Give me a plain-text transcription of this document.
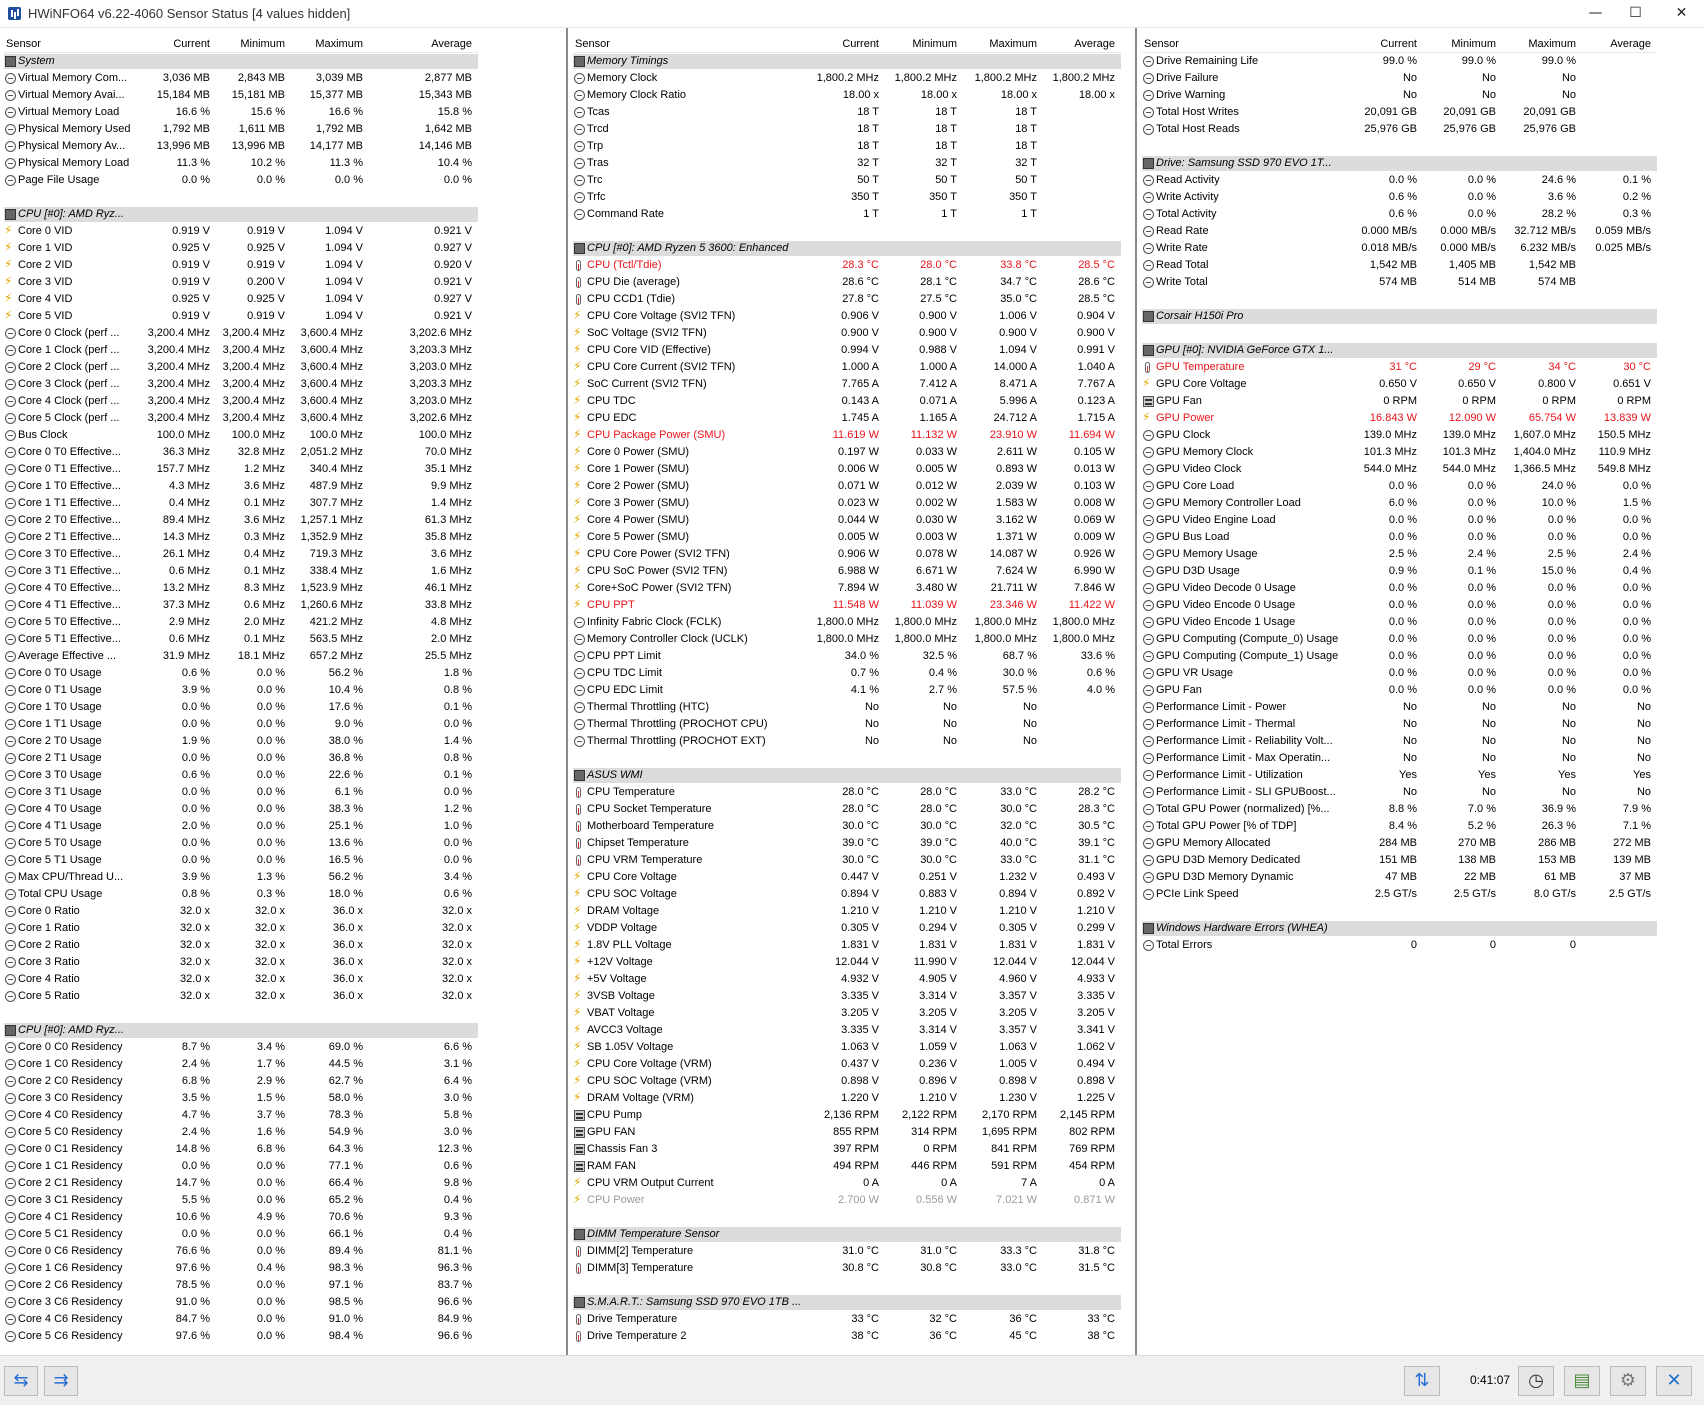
HWiNFO64 v6.22-4060 Sensor Status [4 values hidden]	—	☐	✕
Sensor	Current	Minimum	Maximum	Average
System
Virtual Memory Com...	3,036 MB	2,843 MB	3,039 MB	2,877 MB
Virtual Memory Avai...	15,184 MB	15,181 MB	15,377 MB	15,343 MB
Virtual Memory Load	16.6 %	15.6 %	16.6 %	15.8 %
Physical Memory Used	1,792 MB	1,611 MB	1,792 MB	1,642 MB
Physical Memory Av...	13,996 MB	13,996 MB	14,177 MB	14,146 MB
Physical Memory Load	11.3 %	10.2 %	11.3 %	10.4 %
Page File Usage	0.0 %	0.0 %	0.0 %	0.0 %
CPU [#0]: AMD Ryz...
⚡
Core 0 VID	0.919 V	0.919 V	1.094 V	0.921 V
⚡
Core 1 VID	0.925 V	0.925 V	1.094 V	0.927 V
⚡
Core 2 VID	0.919 V	0.919 V	1.094 V	0.920 V
⚡
Core 3 VID	0.919 V	0.200 V	1.094 V	0.921 V
⚡
Core 4 VID	0.925 V	0.925 V	1.094 V	0.927 V
⚡
Core 5 VID	0.919 V	0.919 V	1.094 V	0.921 V
Core 0 Clock (perf ...	3,200.4 MHz	3,200.4 MHz	3,600.4 MHz	3,202.6 MHz
Core 1 Clock (perf ...	3,200.4 MHz	3,200.4 MHz	3,600.4 MHz	3,203.3 MHz
Core 2 Clock (perf ...	3,200.4 MHz	3,200.4 MHz	3,600.4 MHz	3,203.0 MHz
Core 3 Clock (perf ...	3,200.4 MHz	3,200.4 MHz	3,600.4 MHz	3,203.3 MHz
Core 4 Clock (perf ...	3,200.4 MHz	3,200.4 MHz	3,600.4 MHz	3,203.0 MHz
Core 5 Clock (perf ...	3,200.4 MHz	3,200.4 MHz	3,600.4 MHz	3,202.6 MHz
Bus Clock	100.0 MHz	100.0 MHz	100.0 MHz	100.0 MHz
Core 0 T0 Effective...	36.3 MHz	32.8 MHz	2,051.2 MHz	70.0 MHz
Core 0 T1 Effective...	157.7 MHz	1.2 MHz	340.4 MHz	35.1 MHz
Core 1 T0 Effective...	4.3 MHz	3.6 MHz	487.9 MHz	9.9 MHz
Core 1 T1 Effective...	0.4 MHz	0.1 MHz	307.7 MHz	1.4 MHz
Core 2 T0 Effective...	89.4 MHz	3.6 MHz	1,257.1 MHz	61.3 MHz
Core 2 T1 Effective...	14.3 MHz	0.3 MHz	1,352.9 MHz	35.8 MHz
Core 3 T0 Effective...	26.1 MHz	0.4 MHz	719.3 MHz	3.6 MHz
Core 3 T1 Effective...	0.6 MHz	0.1 MHz	338.4 MHz	1.6 MHz
Core 4 T0 Effective...	13.2 MHz	8.3 MHz	1,523.9 MHz	46.1 MHz
Core 4 T1 Effective...	37.3 MHz	0.6 MHz	1,260.6 MHz	33.8 MHz
Core 5 T0 Effective...	2.9 MHz	2.0 MHz	421.2 MHz	4.8 MHz
Core 5 T1 Effective...	0.6 MHz	0.1 MHz	563.5 MHz	2.0 MHz
Average Effective ...	31.9 MHz	18.1 MHz	657.2 MHz	25.5 MHz
Core 0 T0 Usage	0.6 %	0.0 %	56.2 %	1.8 %
Core 0 T1 Usage	3.9 %	0.0 %	10.4 %	0.8 %
Core 1 T0 Usage	0.0 %	0.0 %	17.6 %	0.1 %
Core 1 T1 Usage	0.0 %	0.0 %	9.0 %	0.0 %
Core 2 T0 Usage	1.9 %	0.0 %	38.0 %	1.4 %
Core 2 T1 Usage	0.0 %	0.0 %	36.8 %	0.8 %
Core 3 T0 Usage	0.6 %	0.0 %	22.6 %	0.1 %
Core 3 T1 Usage	0.0 %	0.0 %	6.1 %	0.0 %
Core 4 T0 Usage	0.0 %	0.0 %	38.3 %	1.2 %
Core 4 T1 Usage	2.0 %	0.0 %	25.1 %	1.0 %
Core 5 T0 Usage	0.0 %	0.0 %	13.6 %	0.0 %
Core 5 T1 Usage	0.0 %	0.0 %	16.5 %	0.0 %
Max CPU/Thread U...	3.9 %	1.3 %	56.2 %	3.4 %
Total CPU Usage	0.8 %	0.3 %	18.0 %	0.6 %
Core 0 Ratio	32.0 x	32.0 x	36.0 x	32.0 x
Core 1 Ratio	32.0 x	32.0 x	36.0 x	32.0 x
Core 2 Ratio	32.0 x	32.0 x	36.0 x	32.0 x
Core 3 Ratio	32.0 x	32.0 x	36.0 x	32.0 x
Core 4 Ratio	32.0 x	32.0 x	36.0 x	32.0 x
Core 5 Ratio	32.0 x	32.0 x	36.0 x	32.0 x
CPU [#0]: AMD Ryz...
Core 0 C0 Residency	8.7 %	3.4 %	69.0 %	6.6 %
Core 1 C0 Residency	2.4 %	1.7 %	44.5 %	3.1 %
Core 2 C0 Residency	6.8 %	2.9 %	62.7 %	6.4 %
Core 3 C0 Residency	3.5 %	1.5 %	58.0 %	3.0 %
Core 4 C0 Residency	4.7 %	3.7 %	78.3 %	5.8 %
Core 5 C0 Residency	2.4 %	1.6 %	54.9 %	3.0 %
Core 0 C1 Residency	14.8 %	6.8 %	64.3 %	12.3 %
Core 1 C1 Residency	0.0 %	0.0 %	77.1 %	0.6 %
Core 2 C1 Residency	14.7 %	0.0 %	66.4 %	9.8 %
Core 3 C1 Residency	5.5 %	0.0 %	65.2 %	0.4 %
Core 4 C1 Residency	10.6 %	4.9 %	70.6 %	9.3 %
Core 5 C1 Residency	0.0 %	0.0 %	66.1 %	0.4 %
Core 0 C6 Residency	76.6 %	0.0 %	89.4 %	81.1 %
Core 1 C6 Residency	97.6 %	0.4 %	98.3 %	96.3 %
Core 2 C6 Residency	78.5 %	0.0 %	97.1 %	83.7 %
Core 3 C6 Residency	91.0 %	0.0 %	98.5 %	96.6 %
Core 4 C6 Residency	84.7 %	0.0 %	91.0 %	84.9 %
Core 5 C6 Residency	97.6 %	0.0 %	98.4 %	96.6 %
Sensor	Current	Minimum	Maximum	Average
Memory Timings
Memory Clock	1,800.2 MHz	1,800.2 MHz	1,800.2 MHz	1,800.2 MHz
Memory Clock Ratio	18.00 x	18.00 x	18.00 x	18.00 x
Tcas	18 T	18 T	18 T
Trcd	18 T	18 T	18 T
Trp	18 T	18 T	18 T
Tras	32 T	32 T	32 T
Trc	50 T	50 T	50 T
Trfc	350 T	350 T	350 T
Command Rate	1 T	1 T	1 T
CPU [#0]: AMD Ryzen 5 3600: Enhanced
CPU (Tctl/Tdie)	28.3 °C	28.0 °C	33.8 °C	28.5 °C
CPU Die (average)	28.6 °C	28.1 °C	34.7 °C	28.6 °C
CPU CCD1 (Tdie)	27.8 °C	27.5 °C	35.0 °C	28.5 °C
⚡
CPU Core Voltage (SVI2 TFN)	0.906 V	0.900 V	1.006 V	0.904 V
⚡
SoC Voltage (SVI2 TFN)	0.900 V	0.900 V	0.900 V	0.900 V
⚡
CPU Core VID (Effective)	0.994 V	0.988 V	1.094 V	0.991 V
⚡
CPU Core Current (SVI2 TFN)	1.000 A	1.000 A	14.000 A	1.040 A
⚡
SoC Current (SVI2 TFN)	7.765 A	7.412 A	8.471 A	7.767 A
⚡
CPU TDC	0.143 A	0.071 A	5.996 A	0.123 A
⚡
CPU EDC	1.745 A	1.165 A	24.712 A	1.715 A
⚡
CPU Package Power (SMU)	11.619 W	11.132 W	23.910 W	11.694 W
⚡
Core 0 Power (SMU)	0.197 W	0.033 W	2.611 W	0.105 W
⚡
Core 1 Power (SMU)	0.006 W	0.005 W	0.893 W	0.013 W
⚡
Core 2 Power (SMU)	0.071 W	0.012 W	2.039 W	0.103 W
⚡
Core 3 Power (SMU)	0.023 W	0.002 W	1.583 W	0.008 W
⚡
Core 4 Power (SMU)	0.044 W	0.030 W	3.162 W	0.069 W
⚡
Core 5 Power (SMU)	0.005 W	0.003 W	1.371 W	0.009 W
⚡
CPU Core Power (SVI2 TFN)	0.906 W	0.078 W	14.087 W	0.926 W
⚡
CPU SoC Power (SVI2 TFN)	6.988 W	6.671 W	7.624 W	6.990 W
⚡
Core+SoC Power (SVI2 TFN)	7.894 W	3.480 W	21.711 W	7.846 W
⚡
CPU PPT	11.548 W	11.039 W	23.346 W	11.422 W
Infinity Fabric Clock (FCLK)	1,800.0 MHz	1,800.0 MHz	1,800.0 MHz	1,800.0 MHz
Memory Controller Clock (UCLK)	1,800.0 MHz	1,800.0 MHz	1,800.0 MHz	1,800.0 MHz
CPU PPT Limit	34.0 %	32.5 %	68.7 %	33.6 %
CPU TDC Limit	0.7 %	0.4 %	30.0 %	0.6 %
CPU EDC Limit	4.1 %	2.7 %	57.5 %	4.0 %
Thermal Throttling (HTC)	No	No	No
Thermal Throttling (PROCHOT CPU)	No	No	No
Thermal Throttling (PROCHOT EXT)	No	No	No
ASUS WMI
CPU Temperature	28.0 °C	28.0 °C	33.0 °C	28.2 °C
CPU Socket Temperature	28.0 °C	28.0 °C	30.0 °C	28.3 °C
Motherboard Temperature	30.0 °C	30.0 °C	32.0 °C	30.5 °C
Chipset Temperature	39.0 °C	39.0 °C	40.0 °C	39.1 °C
CPU VRM Temperature	30.0 °C	30.0 °C	33.0 °C	31.1 °C
⚡
CPU Core Voltage	0.447 V	0.251 V	1.232 V	0.493 V
⚡
CPU SOC Voltage	0.894 V	0.883 V	0.894 V	0.892 V
⚡
DRAM Voltage	1.210 V	1.210 V	1.210 V	1.210 V
⚡
VDDP Voltage	0.305 V	0.294 V	0.305 V	0.299 V
⚡
1.8V PLL Voltage	1.831 V	1.831 V	1.831 V	1.831 V
⚡
+12V Voltage	12.044 V	11.990 V	12.044 V	12.044 V
⚡
+5V Voltage	4.932 V	4.905 V	4.960 V	4.933 V
⚡
3VSB Voltage	3.335 V	3.314 V	3.357 V	3.335 V
⚡
VBAT Voltage	3.205 V	3.205 V	3.205 V	3.205 V
⚡
AVCC3 Voltage	3.335 V	3.314 V	3.357 V	3.341 V
⚡
SB 1.05V Voltage	1.063 V	1.059 V	1.063 V	1.062 V
⚡
CPU Core Voltage (VRM)	0.437 V	0.236 V	1.005 V	0.494 V
⚡
CPU SOC Voltage (VRM)	0.898 V	0.896 V	0.898 V	0.898 V
⚡
DRAM Voltage (VRM)	1.220 V	1.210 V	1.230 V	1.225 V
CPU Pump	2,136 RPM	2,122 RPM	2,170 RPM	2,145 RPM
GPU FAN	855 RPM	314 RPM	1,695 RPM	802 RPM
Chassis Fan 3	397 RPM	0 RPM	841 RPM	769 RPM
RAM FAN	494 RPM	446 RPM	591 RPM	454 RPM
⚡
CPU VRM Output Current	0 A	0 A	7 A	0 A
⚡
CPU Power	2.700 W	0.556 W	7.021 W	0.871 W
DIMM Temperature Sensor
DIMM[2] Temperature	31.0 °C	31.0 °C	33.3 °C	31.8 °C
DIMM[3] Temperature	30.8 °C	30.8 °C	33.0 °C	31.5 °C
S.M.A.R.T.: Samsung SSD 970 EVO 1TB ...
Drive Temperature	33 °C	32 °C	36 °C	33 °C
Drive Temperature 2	38 °C	36 °C	45 °C	38 °C
Sensor	Current	Minimum	Maximum	Average
Drive Remaining Life	99.0 %	99.0 %	99.0 %
Drive Failure	No	No	No
Drive Warning	No	No	No
Total Host Writes	20,091 GB	20,091 GB	20,091 GB
Total Host Reads	25,976 GB	25,976 GB	25,976 GB
Drive: Samsung SSD 970 EVO 1T...
Read Activity	0.0 %	0.0 %	24.6 %	0.1 %
Write Activity	0.6 %	0.0 %	3.6 %	0.2 %
Total Activity	0.6 %	0.0 %	28.2 %	0.3 %
Read Rate	0.000 MB/s	0.000 MB/s	32.712 MB/s	0.059 MB/s
Write Rate	0.018 MB/s	0.000 MB/s	6.232 MB/s	0.025 MB/s
Read Total	1,542 MB	1,405 MB	1,542 MB
Write Total	574 MB	514 MB	574 MB
Corsair H150i Pro
GPU [#0]: NVIDIA GeForce GTX 1...
GPU Temperature	31 °C	29 °C	34 °C	30 °C
⚡
GPU Core Voltage	0.650 V	0.650 V	0.800 V	0.651 V
GPU Fan	0 RPM	0 RPM	0 RPM	0 RPM
⚡
GPU Power	16.843 W	12.090 W	65.754 W	13.839 W
GPU Clock	139.0 MHz	139.0 MHz	1,607.0 MHz	150.5 MHz
GPU Memory Clock	101.3 MHz	101.3 MHz	1,404.0 MHz	110.9 MHz
GPU Video Clock	544.0 MHz	544.0 MHz	1,366.5 MHz	549.8 MHz
GPU Core Load	0.0 %	0.0 %	24.0 %	0.0 %
GPU Memory Controller Load	6.0 %	0.0 %	10.0 %	1.5 %
GPU Video Engine Load	0.0 %	0.0 %	0.0 %	0.0 %
GPU Bus Load	0.0 %	0.0 %	0.0 %	0.0 %
GPU Memory Usage	2.5 %	2.4 %	2.5 %	2.4 %
GPU D3D Usage	0.9 %	0.1 %	15.0 %	0.4 %
GPU Video Decode 0 Usage	0.0 %	0.0 %	0.0 %	0.0 %
GPU Video Encode 0 Usage	0.0 %	0.0 %	0.0 %	0.0 %
GPU Video Encode 1 Usage	0.0 %	0.0 %	0.0 %	0.0 %
GPU Computing (Compute_0) Usage	0.0 %	0.0 %	0.0 %	0.0 %
GPU Computing (Compute_1) Usage	0.0 %	0.0 %	0.0 %	0.0 %
GPU VR Usage	0.0 %	0.0 %	0.0 %	0.0 %
GPU Fan	0.0 %	0.0 %	0.0 %	0.0 %
Performance Limit - Power	No	No	No	No
Performance Limit - Thermal	No	No	No	No
Performance Limit - Reliability Volt...	No	No	No	No
Performance Limit - Max Operatin...	No	No	No	No
Performance Limit - Utilization	Yes	Yes	Yes	Yes
Performance Limit - SLI GPUBoost...	No	No	No	No
Total GPU Power (normalized) [%...	8.8 %	7.0 %	36.9 %	7.9 %
Total GPU Power [% of TDP]	8.4 %	5.2 %	26.3 %	7.1 %
GPU Memory Allocated	284 MB	270 MB	286 MB	272 MB
GPU D3D Memory Dedicated	151 MB	138 MB	153 MB	139 MB
GPU D3D Memory Dynamic	47 MB	22 MB	61 MB	37 MB
PCIe Link Speed	2.5 GT/s	2.5 GT/s	8.0 GT/s	2.5 GT/s
Windows Hardware Errors (WHEA)
Total Errors	0	0	0
⇆	⇉	⇅	0:41:07	◷	▤	⚙	✕
